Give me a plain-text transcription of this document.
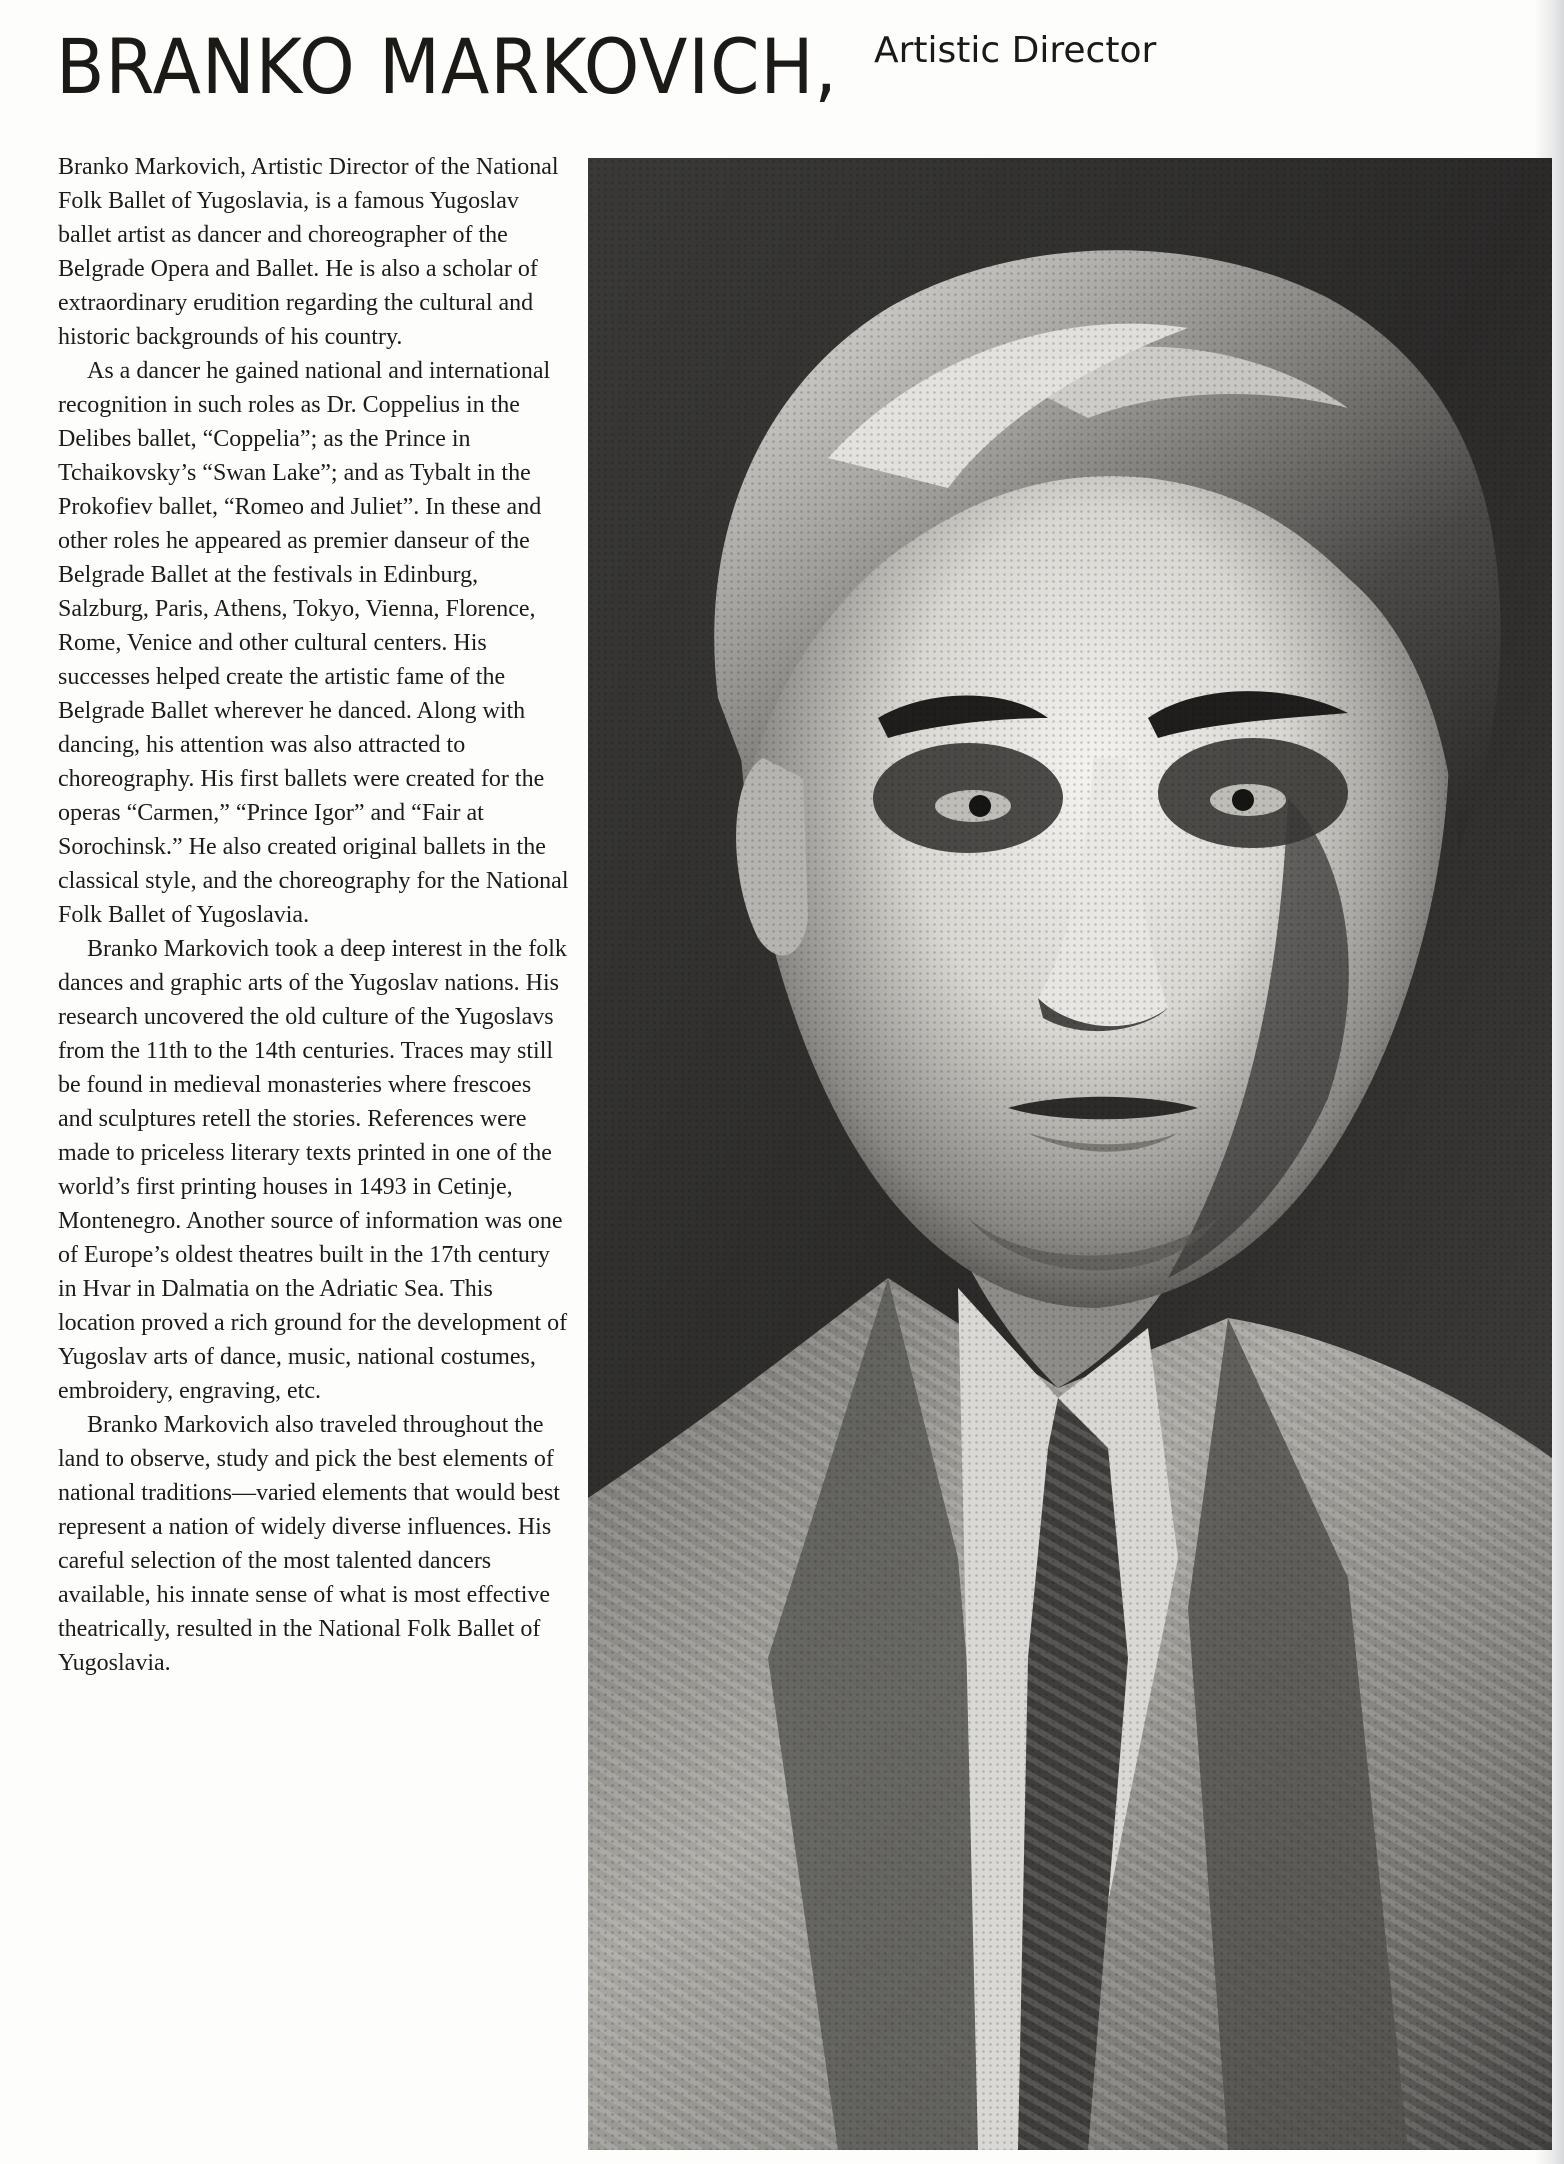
BRANKO MARKOVICH,	Artistic Director

Branko Markovich, Artistic Director of the National Folk Ballet of Yugoslavia, is a famous Yugoslav ballet artist as dancer and choreographer of the Belgrade Opera and Ballet. He is also a scholar of extraordinary erudition regarding the cultural and historic backgrounds of his country.

As a dancer he gained national and international recognition in such roles as Dr. Coppelius in the Delibes ballet, “Coppelia”; as the Prince in Tchaikovsky’s “Swan Lake”; and as Tybalt in the Prokofiev ballet, “Romeo and Juliet”. In these and other roles he appeared as premier danseur of the Belgrade Ballet at the festivals in Edinburg, Salzburg, Paris, Athens, Tokyo, Vienna, Florence, Rome, Venice and other cultural centers. His successes helped create the artistic fame of the Belgrade Ballet wherever he danced. Along with dancing, his attention was also attracted to choreography. His first ballets were created for the operas “Carmen,” “Prince Igor” and “Fair at Sorochinsk.” He also created original ballets in the classical style, and the choreography for the National Folk Ballet of Yugoslavia.

Branko Markovich took a deep interest in the folk dances and graphic arts of the Yugoslav nations. His research uncovered the old culture of the Yugoslavs from the 11th to the 14th centuries. Traces may still be found in medieval monasteries where frescoes and sculptures retell the stories. References were made to priceless literary texts printed in one of the world’s first printing houses in 1493 in Cetinje, Montenegro. Another source of information was one of Europe’s oldest theatres built in the 17th century in Hvar in Dalmatia on the Adriatic Sea. This location proved a rich ground for the development of Yugoslav arts of dance, music, national costumes, embroidery, engraving, etc.

Branko Markovich also traveled throughout the land to observe, study and pick the best elements of national traditions—varied elements that would best represent a nation of widely diverse influences. His careful selection of the most talented dancers available, his innate sense of what is most effective theatrically, resulted in the National Folk Ballet of Yugoslavia.
